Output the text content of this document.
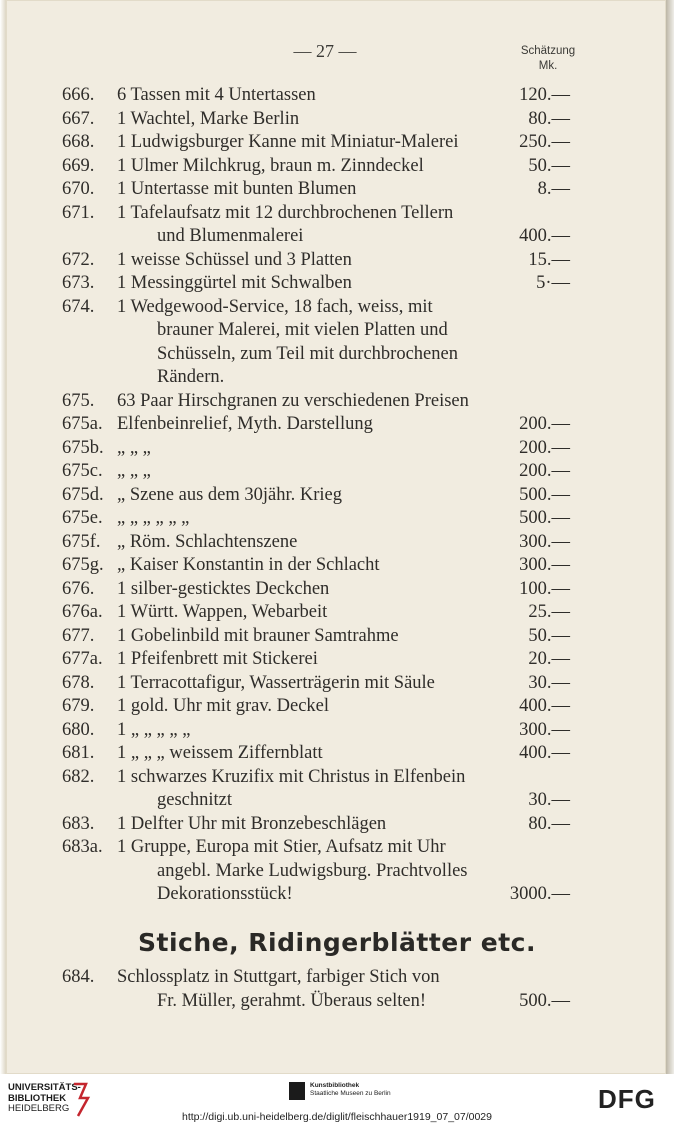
— 27 —	Schätzung
Mk.
666. 6 Tassen mit 4 Untertassen	120.—
667. 1 Wachtel, Marke Berlin	80.—
668. 1 Ludwigsburger Kanne mit Miniatur-Malerei	250.—
669. 1 Ulmer Milchkrug, braun m. Zinndeckel	50.—
670. 1 Untertasse mit bunten Blumen	8.—
671. 1 Tafelaufsatz mit 12 durchbrochenen Tellern
und Blumenmalerei	400.—
672. 1 weisse Schüssel und 3 Platten	15.—
673. 1 Messinggürtel mit Schwalben	5·—
674. 1 Wedgewood-Service, 18 fach, weiss, mit
brauner Malerei, mit vielen Platten und
Schüsseln, zum Teil mit durchbrochenen
Rändern.
675. 63 Paar Hirschgranen zu verschiedenen Preisen
675a. Elfenbeinrelief, Myth. Darstellung	200.—
675b. „ „ „	200.—
675c. „ „ „	200.—
675d. „ Szene aus dem 30jähr. Krieg	500.—
675e. „ „ „ „ „ „	500.—
675f. „ Röm. Schlachtenszene	300.—
675g. „ Kaiser Konstantin in der Schlacht	300.—
676. 1 silber-gesticktes Deckchen	100.—
676a. 1 Württ. Wappen, Webarbeit	25.—
677. 1 Gobelinbild mit brauner Samtrahme	50.—
677a. 1 Pfeifenbrett mit Stickerei	20.—
678. 1 Terracottafigur, Wasserträgerin mit Säule	30.—
679. 1 gold. Uhr mit grav. Deckel	400.—
680. 1 „ „ „ „ „	300.—
681. 1 „ „ „ weissem Ziffernblatt	400.—
682. 1 schwarzes Kruzifix mit Christus in Elfenbein
geschnitzt	30.—
683. 1 Delfter Uhr mit Bronzebeschlägen	80.—
683a. 1 Gruppe, Europa mit Stier, Aufsatz mit Uhr
angebl. Marke Ludwigsburg. Prachtvolles
Dekorationsstück!	3000.—
Stiche, Ridingerblätter etc.
684. Schlossplatz in Stuttgart, farbiger Stich von
Fr. Müller, gerahmt. Überaus selten!	500.—
UNIVERSITÄTS-
BIBLIOTHEK
HEIDELBERG
Kunstbibliothek
Staatliche Museen zu Berlin	DFG
http://digi.ub.uni-heidelberg.de/diglit/fleischhauer1919_07_07/0029
